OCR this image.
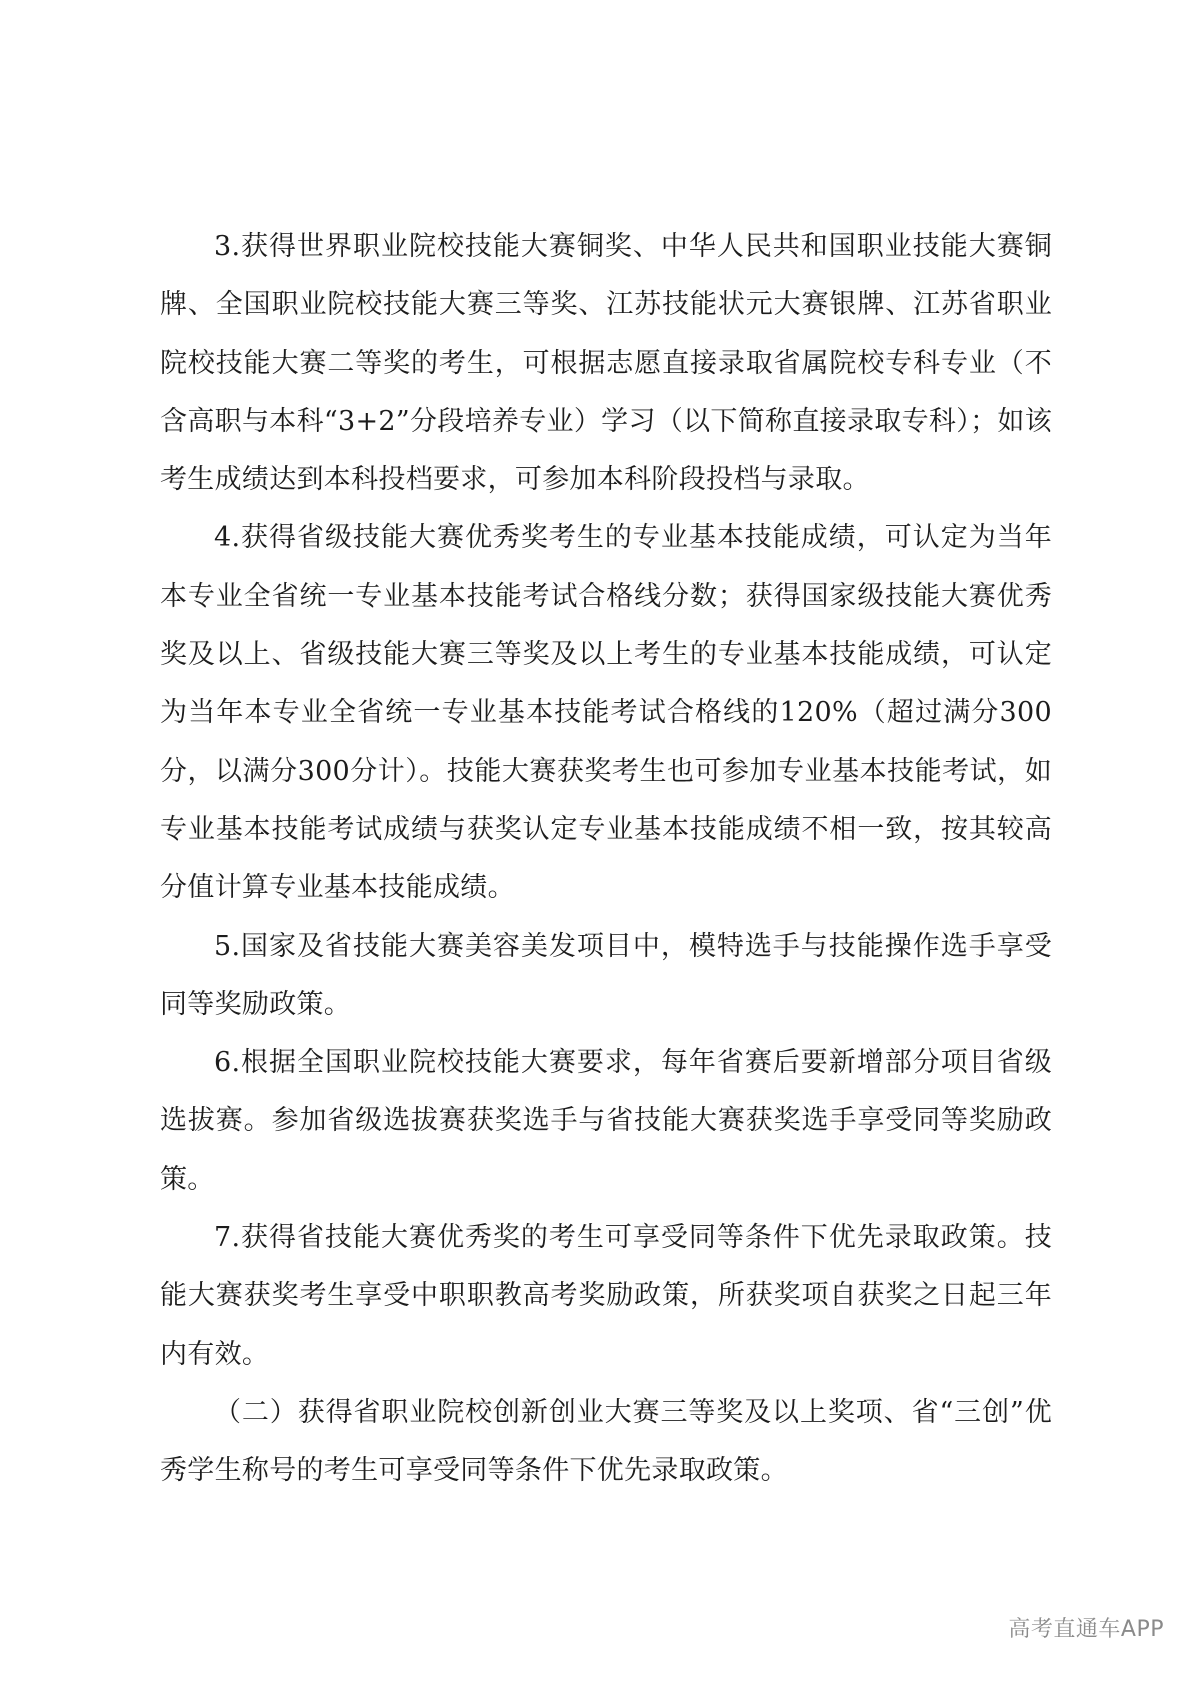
3.获得世界职业院校技能大赛铜奖、中华人民共和国职业技能大赛铜牌、全国职业院校技能大赛三等奖、江苏技能状元大赛银牌、江苏省职业院校技能大赛二等奖的考生，可根据志愿直接录取省属院校专科专业（不含高职与本科“3+2”分段培养专业）学习（以下简称直接录取专科）；如该考生成绩达到本科投档要求，可参加本科阶段投档与录取。

4.获得省级技能大赛优秀奖考生的专业基本技能成绩，可认定为当年本专业全省统一专业基本技能考试合格线分数；获得国家级技能大赛优秀奖及以上、省级技能大赛三等奖及以上考生的专业基本技能成绩，可认定为当年本专业全省统一专业基本技能考试合格线的120%（超过满分300分，以满分300分计）。技能大赛获奖考生也可参加专业基本技能考试，如专业基本技能考试成绩与获奖认定专业基本技能成绩不相一致，按其较高分值计算专业基本技能成绩。

5.国家及省技能大赛美容美发项目中，模特选手与技能操作选手享受同等奖励政策。

6.根据全国职业院校技能大赛要求，每年省赛后要新增部分项目省级选拔赛。参加省级选拔赛获奖选手与省技能大赛获奖选手享受同等奖励政策。

7.获得省技能大赛优秀奖的考生可享受同等条件下优先录取政策。技能大赛获奖考生享受中职职教高考奖励政策，所获奖项自获奖之日起三年内有效。

（二）获得省职业院校创新创业大赛三等奖及以上奖项、省“三创”优秀学生称号的考生可享受同等条件下优先录取政策。

高考直通车APP
